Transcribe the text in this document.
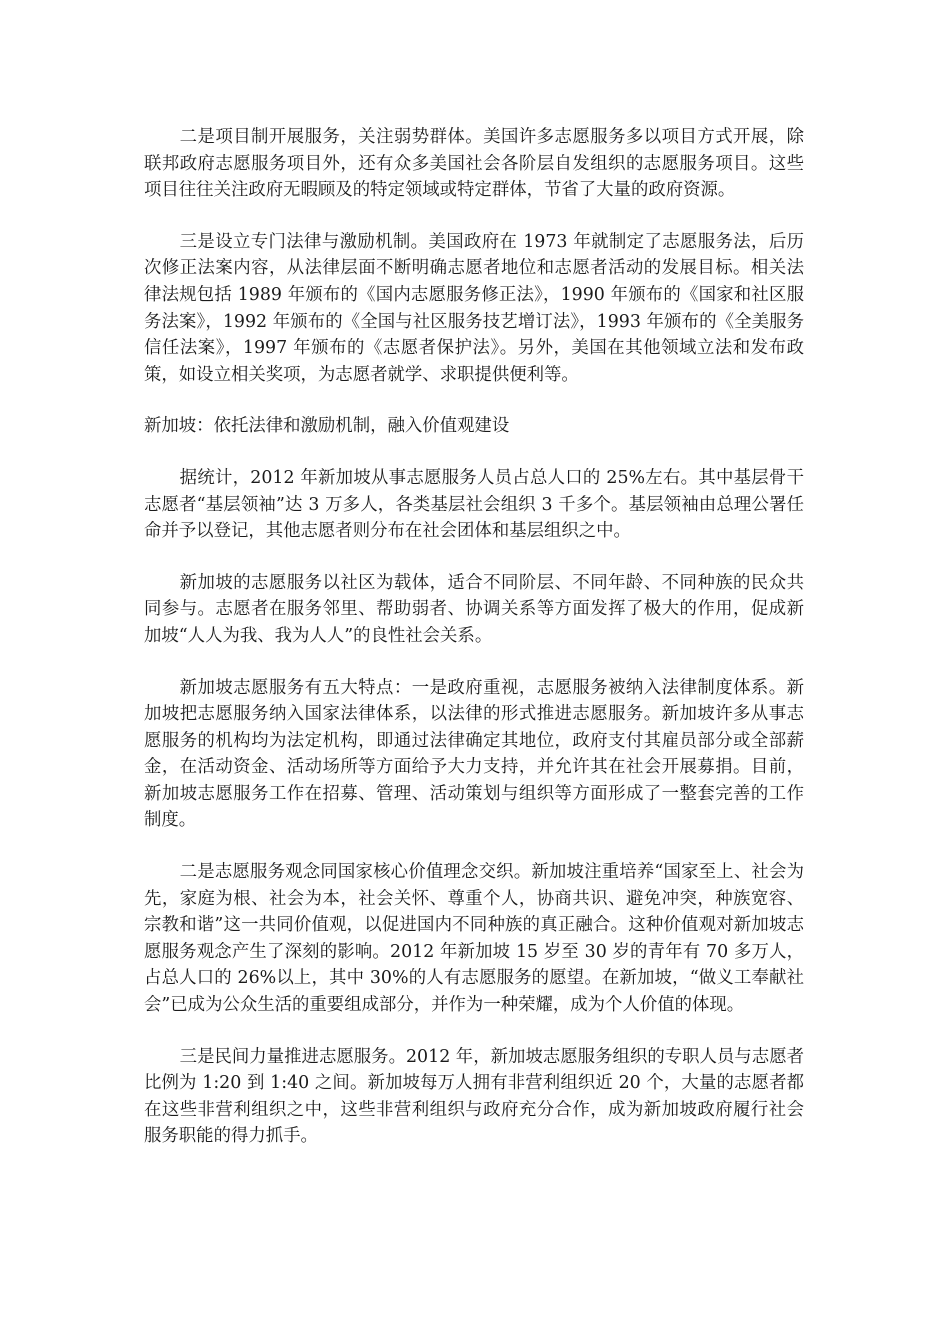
二是项目制开展服务，关注弱势群体。美国许多志愿服务多以项目方式开展，除联邦政府志愿服务项目外，还有众多美国社会各阶层自发组织的志愿服务项目。这些项目往往关注政府无暇顾及的特定领域或特定群体，节省了大量的政府资源。

三是设立专门法律与激励机制。美国政府在 1973 年就制定了志愿服务法，后历次修正法案内容，从法律层面不断明确志愿者地位和志愿者活动的发展目标。相关法律法规包括 1989 年颁布的《国内志愿服务修正法》，1990 年颁布的《国家和社区服务法案》，1992 年颁布的《全国与社区服务技艺增订法》，1993 年颁布的《全美服务信任法案》，1997 年颁布的《志愿者保护法》。另外，美国在其他领域立法和发布政策，如设立相关奖项，为志愿者就学、求职提供便利等。

新加坡：依托法律和激励机制，融入价值观建设

据统计，2012 年新加坡从事志愿服务人员占总人口的 25%左右。其中基层骨干志愿者“基层领袖”达 3 万多人，各类基层社会组织 3 千多个。基层领袖由总理公署任命并予以登记，其他志愿者则分布在社会团体和基层组织之中。

新加坡的志愿服务以社区为载体，适合不同阶层、不同年龄、不同种族的民众共同参与。志愿者在服务邻里、帮助弱者、协调关系等方面发挥了极大的作用，促成新加坡“人人为我、我为人人”的良性社会关系。

新加坡志愿服务有五大特点：一是政府重视，志愿服务被纳入法律制度体系。新加坡把志愿服务纳入国家法律体系，以法律的形式推进志愿服务。新加坡许多从事志愿服务的机构均为法定机构，即通过法律确定其地位，政府支付其雇员部分或全部薪金，在活动资金、活动场所等方面给予大力支持，并允许其在社会开展募捐。目前，新加坡志愿服务工作在招募、管理、活动策划与组织等方面形成了一整套完善的工作制度。

二是志愿服务观念同国家核心价值理念交织。新加坡注重培养“国家至上、社会为先，家庭为根、社会为本，社会关怀、尊重个人，协商共识、避免冲突，种族宽容、宗教和谐”这一共同价值观，以促进国内不同种族的真正融合。这种价值观对新加坡志愿服务观念产生了深刻的影响。2012 年新加坡 15 岁至 30 岁的青年有 70 多万人，占总人口的 26%以上，其中 30%的人有志愿服务的愿望。在新加坡，“做义工奉献社会”已成为公众生活的重要组成部分，并作为一种荣耀，成为个人价值的体现。

三是民间力量推进志愿服务。2012 年，新加坡志愿服务组织的专职人员与志愿者比例为 1:20 到 1:40 之间。新加坡每万人拥有非营利组织近 20 个，大量的志愿者都在这些非营利组织之中，这些非营利组织与政府充分合作，成为新加坡政府履行社会服务职能的得力抓手。
